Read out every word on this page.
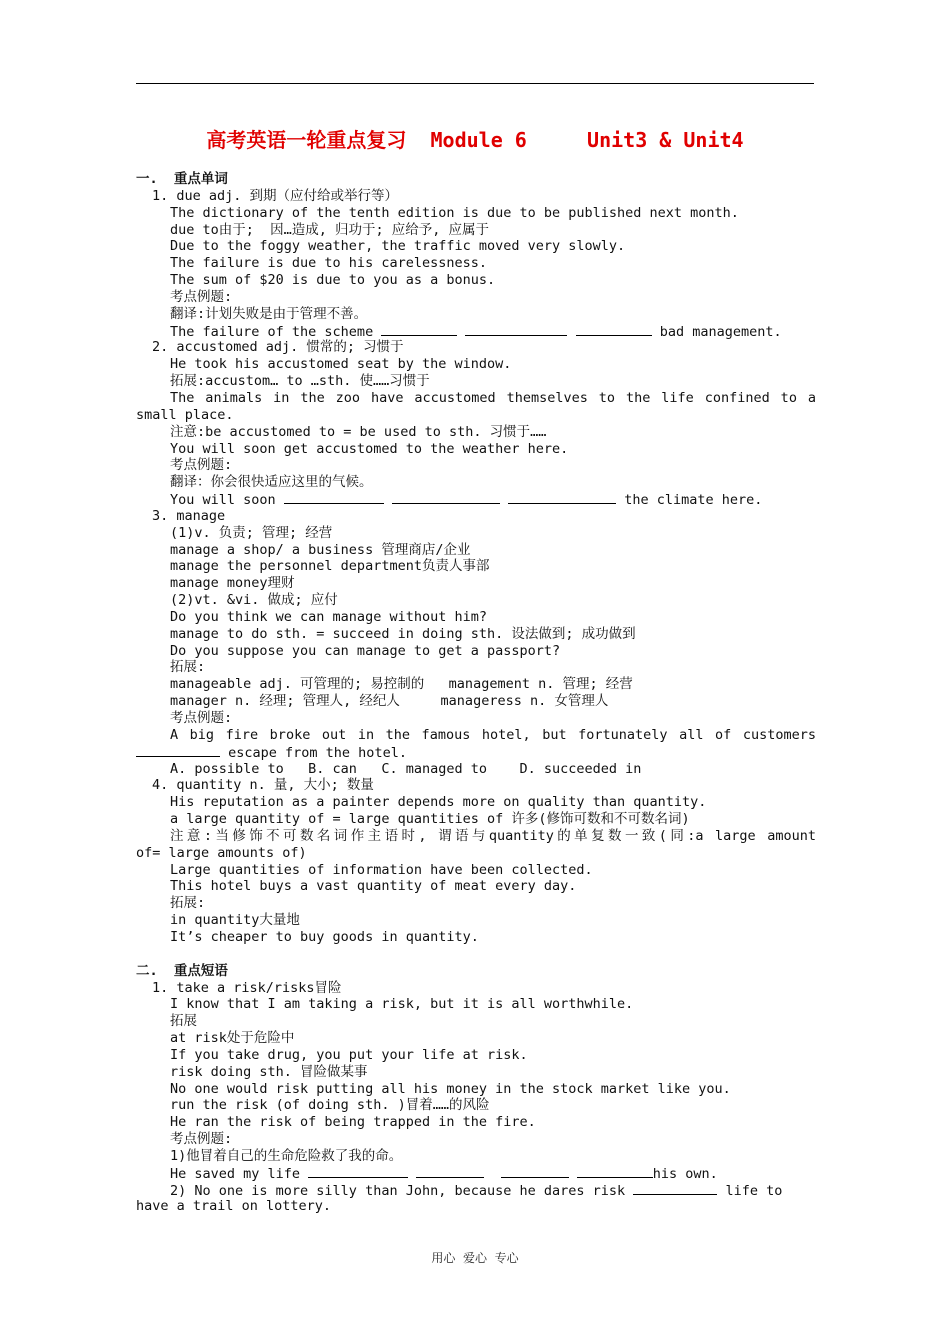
高考英语一轮重点复习  Module 6     Unit3 & Unit4
一.  重点单词
1. due adj. 到期（应付给或举行等）
The dictionary of the tenth edition is due to be published next month.
due to由于;  因…造成, 归功于; 应给予, 应属于
Due to the foggy weather, the traffic moved very slowly.
The failure is due to his carelessness.
The sum of $20 is due to you as a bonus.
考点例题:
翻译:计划失败是由于管理不善。
The failure of the scheme	bad management.
2. accustomed adj. 惯常的; 习惯于
He took his accustomed seat by the window.
拓展:accustom… to …sth. 使……习惯于
The animals in the zoo have accustomed themselves to the life confined to a
small place.
注意:be accustomed to = be used to sth. 习惯于……
You will soon get accustomed to the weather here.
考点例题:
翻译：你会很快适应这里的气候。
You will soon	the climate here.
3. manage
(1)v. 负责; 管理; 经营
manage a shop/ a business 管理商店/企业
manage the personnel department负责人事部
manage money理财
(2)vt. &vi. 做成; 应付
Do you think we can manage without him?
manage to do sth. = succeed in doing sth. 设法做到; 成功做到
Do you suppose you can manage to get a passport?
拓展:
manageable adj. 可管理的; 易控制的   management n. 管理; 经营
manager n. 经理; 管理人, 经纪人     manageress n. 女管理人
考点例题:
A big fire broke out in the famous hotel, but fortunately all of customers
escape from the hotel.
A. possible to   B. can   C. managed to    D. succeeded in
4. quantity n. 量, 大小; 数量
His reputation as a painter depends more on quality than quantity.
a large quantity of = large quantities of 许多(修饰可数和不可数名词)
注意:当修饰不可数名词作主语时, 谓语与quantity的单复数一致(同:a large amount
of= large amounts of)
Large quantities of information have been collected.
This hotel buys a vast quantity of meat every day.
拓展:
in quantity大量地
It’s cheaper to buy goods in quantity.
二.  重点短语
1. take a risk/risks冒险
I know that I am taking a risk, but it is all worthwhile.
拓展
at risk处于危险中
If you take drug, you put your life at risk.
risk doing sth. 冒险做某事
No one would risk putting all his money in the stock market like you.
run the risk (of doing sth. )冒着……的风险
He ran the risk of being trapped in the fire.
考点例题:
1)他冒着自己的生命危险救了我的命。
He saved my life	his own.
2) No one is more silly than John, because he dares risk	life to
have a trail on lottery.
用心  爱心  专心
